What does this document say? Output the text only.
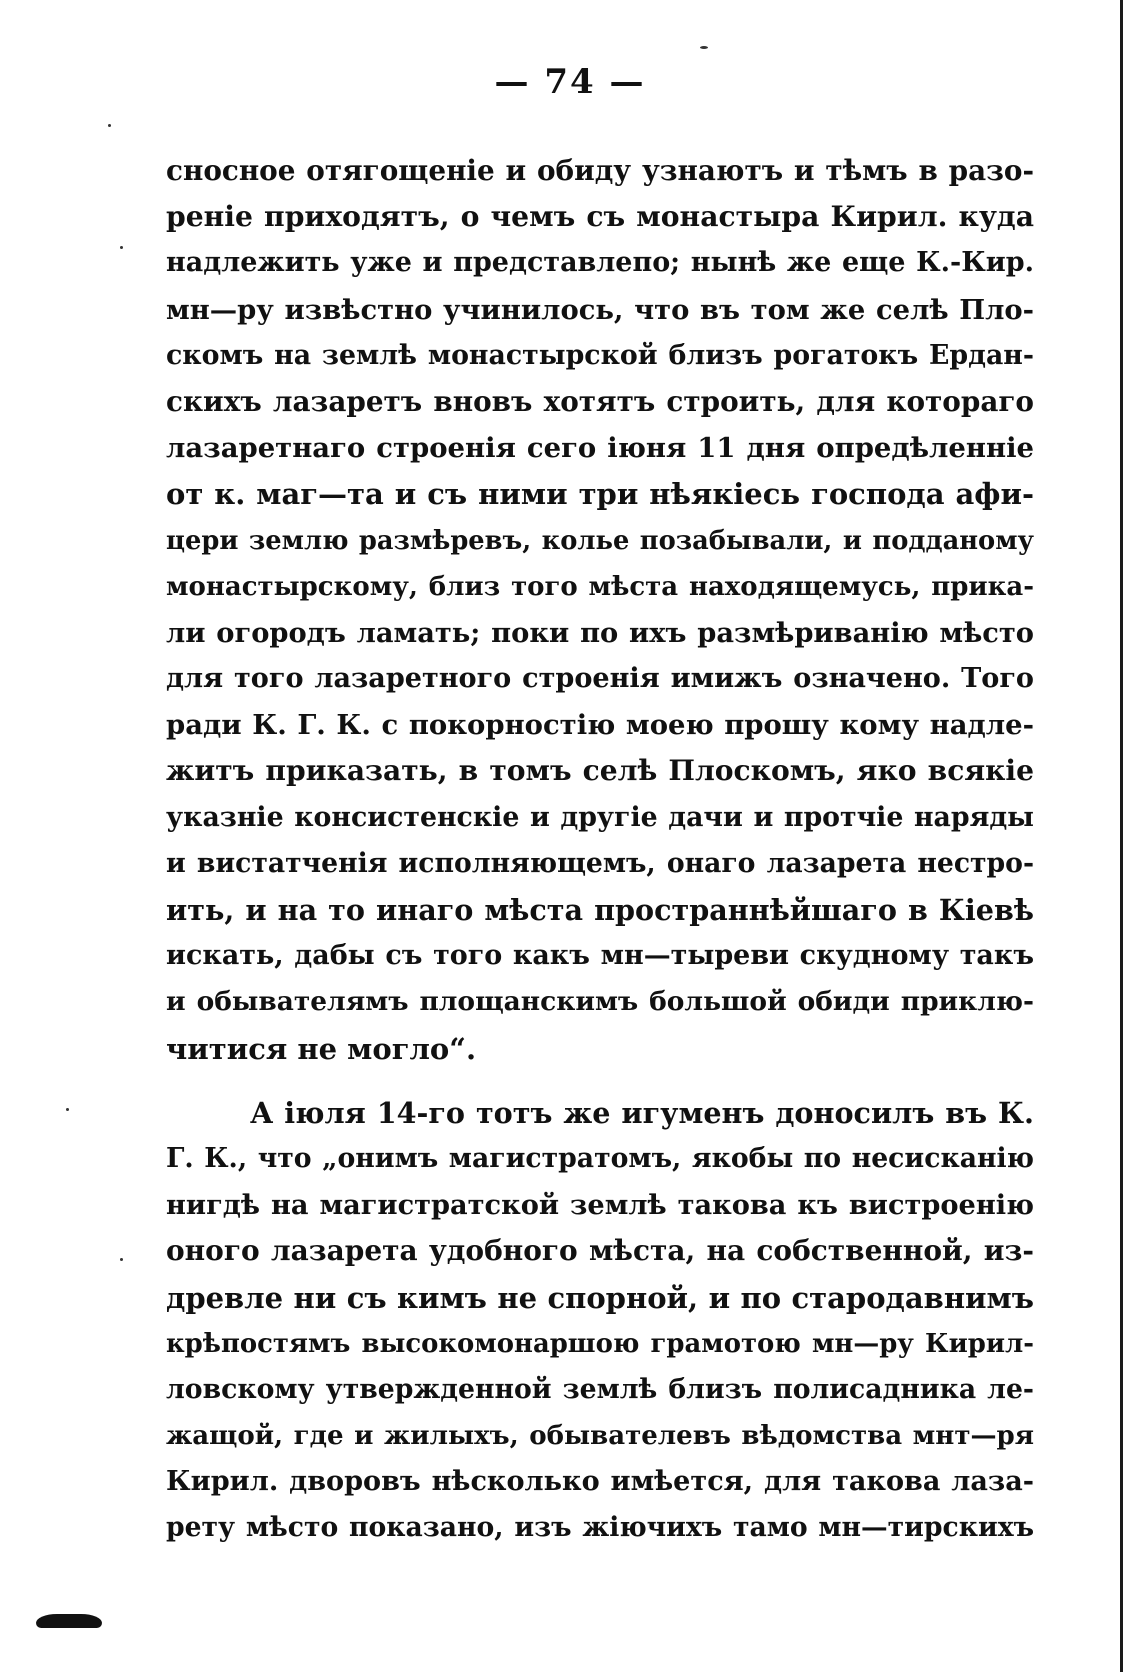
— 74 —
сносное отягощеніе и обиду узнаютъ и тѣмъ в разо-
реніе приходятъ, о чемъ съ монастыра Кирил. куда
надлежить уже и представлепо; нынѣ же еще К.-Кир.
мн—ру извѣстно учинилось, что въ том же селѣ Пло-
скомъ на землѣ монастырской близъ рогатокъ Ердан-
скихъ лазаретъ вновъ хотятъ строить, для котораго
лазаретнаго строенія сего іюня 11 дня опредѣленніе
от к. маг—та и съ ними три нѣякіесь господа афи-
цери землю размѣревъ, колье позабывали, и подданому
монастырскому, близ того мѣста находящемусь, прика-
ли огородъ ламать; поки по ихъ размѣриванію мѣсто
для того лазаретного строенія имижъ означено. Того
ради К. Г. К. с покорностію моею прошу кому надле-
житъ приказать, в томъ селѣ Плоскомъ, яко всякіе
указніе консистенскіе и другіе дачи и протчіе наряды
и вистатченія исполняющемъ, онаго лазарета нестро-
ить, и на то инаго мѣста пространнѣйшаго в Кіевѣ
искать, дабы съ того какъ мн—тыреви скудному такъ
и обывателямъ площанскимъ большой обиди приклю-
читися не могло“.
А іюля 14-го тотъ же игуменъ доносилъ въ К.
Г. К., что „онимъ магистратомъ, якобы по несисканію
нигдѣ на магистратской землѣ такова къ вистроенію
оного лазарета удобного мѣста, на собственной, из-
древле ни съ кимъ не спорной, и по стародавнимъ
крѣпостямъ высокомонаршою грамотою мн—ру Кирил-
ловскому утвержденной землѣ близъ полисадника ле-
жащой, где и жилыхъ, обывателевъ вѣдомства мнт—ря
Кирил. дворовъ нѣсколько имѣется, для такова лаза-
рету мѣсто показано, изъ жіючихъ тамо мн—тирскихъ
